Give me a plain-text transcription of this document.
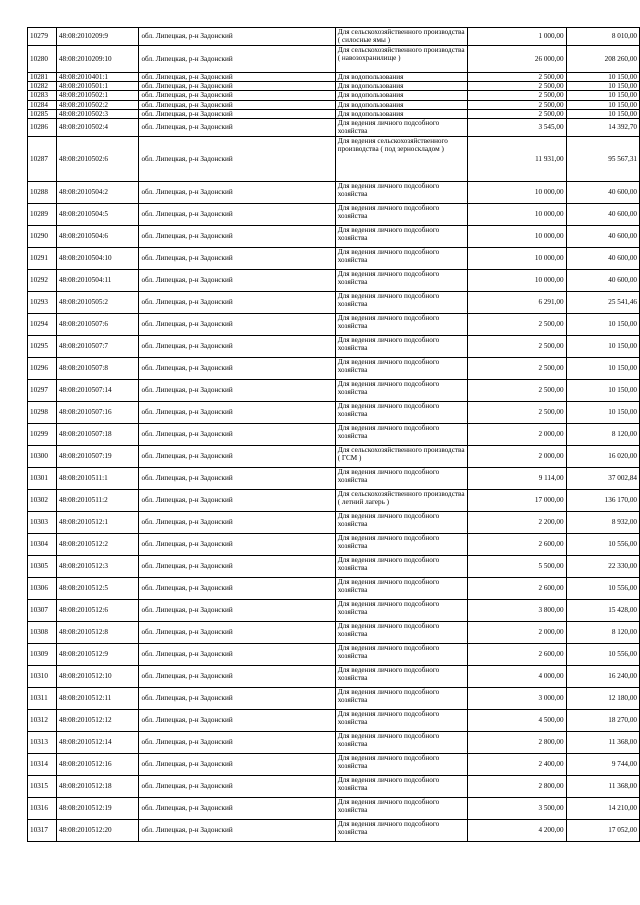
10279	48:08:2010209:9	обл. Липецкая, р-н Задонский	Для сельскохозяйственного производства ( силосные ямы )	1 000,00	8 010,00
10280	48:08:2010209:10	обл. Липецкая, р-н Задонский	Для сельскохозяйственного производства ( навозохранилище )	26 000,00	208 260,00
10281	48:08:2010401:1	обл. Липецкая, р-н Задонский	Для водопользования	2 500,00	10 150,00
10282	48:08:2010501:1	обл. Липецкая, р-н Задонский	Для водопользования	2 500,00	10 150,00
10283	48:08:2010502:1	обл. Липецкая, р-н Задонский	Для водопользования	2 500,00	10 150,00
10284	48:08:2010502:2	обл. Липецкая, р-н Задонский	Для водопользования	2 500,00	10 150,00
10285	48:08:2010502:3	обл. Липецкая, р-н Задонский	Для водопользования	2 500,00	10 150,00
10286	48:08:2010502:4	обл. Липецкая, р-н Задонский	Для ведения личного подсобного хозяйства	3 545,00	14 392,70
10287	48:08:2010502:6	обл. Липецкая, р-н Задонский	Для ведения сельскохозяйственного производства ( под зерноскладом )	11 931,00	95 567,31
10288	48:08:2010504:2	обл. Липецкая, р-н Задонский	Для ведения личного подсобного хозяйства	10 000,00	40 600,00
10289	48:08:2010504:5	обл. Липецкая, р-н Задонский	Для ведения личного подсобного хозяйства	10 000,00	40 600,00
10290	48:08:2010504:6	обл. Липецкая, р-н Задонский	Для ведения личного подсобного хозяйства	10 000,00	40 600,00
10291	48:08:2010504:10	обл. Липецкая, р-н Задонский	Для ведения личного подсобного хозяйства	10 000,00	40 600,00
10292	48:08:2010504:11	обл. Липецкая, р-н Задонский	Для ведения личного подсобного хозяйства	10 000,00	40 600,00
10293	48:08:2010505:2	обл. Липецкая, р-н Задонский	Для ведения личного подсобного хозяйства	6 291,00	25 541,46
10294	48:08:2010507:6	обл. Липецкая, р-н Задонский	Для ведения личного подсобного хозяйства	2 500,00	10 150,00
10295	48:08:2010507:7	обл. Липецкая, р-н Задонский	Для ведения личного подсобного хозяйства	2 500,00	10 150,00
10296	48:08:2010507:8	обл. Липецкая, р-н Задонский	Для ведения личного подсобного хозяйства	2 500,00	10 150,00
10297	48:08:2010507:14	обл. Липецкая, р-н Задонский	Для ведения личного подсобного хозяйства	2 500,00	10 150,00
10298	48:08:2010507:16	обл. Липецкая, р-н Задонский	Для ведения личного подсобного хозяйства	2 500,00	10 150,00
10299	48:08:2010507:18	обл. Липецкая, р-н Задонский	Для ведения личного подсобного хозяйства	2 000,00	8 120,00
10300	48:08:2010507:19	обл. Липецкая, р-н Задонский	Для сельскохозяйственного производства ( ГСМ )	2 000,00	16 020,00
10301	48:08:2010511:1	обл. Липецкая, р-н Задонский	Для ведения личного подсобного хозяйства	9 114,00	37 002,84
10302	48:08:2010511:2	обл. Липецкая, р-н Задонский	Для сельскохозяйственного производства ( летний лагерь )	17 000,00	136 170,00
10303	48:08:2010512:1	обл. Липецкая, р-н Задонский	Для ведения личного подсобного хозяйства	2 200,00	8 932,00
10304	48:08:2010512:2	обл. Липецкая, р-н Задонский	Для ведения личного подсобного хозяйства	2 600,00	10 556,00
10305	48:08:2010512:3	обл. Липецкая, р-н Задонский	Для ведения личного подсобного хозяйства	5 500,00	22 330,00
10306	48:08:2010512:5	обл. Липецкая, р-н Задонский	Для ведения личного подсобного хозяйства	2 600,00	10 556,00
10307	48:08:2010512:6	обл. Липецкая, р-н Задонский	Для ведения личного подсобного хозяйства	3 800,00	15 428,00
10308	48:08:2010512:8	обл. Липецкая, р-н Задонский	Для ведения личного подсобного хозяйства	2 000,00	8 120,00
10309	48:08:2010512:9	обл. Липецкая, р-н Задонский	Для ведения личного подсобного хозяйства	2 600,00	10 556,00
10310	48:08:2010512:10	обл. Липецкая, р-н Задонский	Для ведения личного подсобного хозяйства	4 000,00	16 240,00
10311	48:08:2010512:11	обл. Липецкая, р-н Задонский	Для ведения личного подсобного хозяйства	3 000,00	12 180,00
10312	48:08:2010512:12	обл. Липецкая, р-н Задонский	Для ведения личного подсобного хозяйства	4 500,00	18 270,00
10313	48:08:2010512:14	обл. Липецкая, р-н Задонский	Для ведения личного подсобного хозяйства	2 800,00	11 368,00
10314	48:08:2010512:16	обл. Липецкая, р-н Задонский	Для ведения личного подсобного хозяйства	2 400,00	9 744,00
10315	48:08:2010512:18	обл. Липецкая, р-н Задонский	Для ведения личного подсобного хозяйства	2 800,00	11 368,00
10316	48:08:2010512:19	обл. Липецкая, р-н Задонский	Для ведения личного подсобного хозяйства	3 500,00	14 210,00
10317	48:08:2010512:20	обл. Липецкая, р-н Задонский	Для ведения личного подсобного хозяйства	4 200,00	17 052,00
